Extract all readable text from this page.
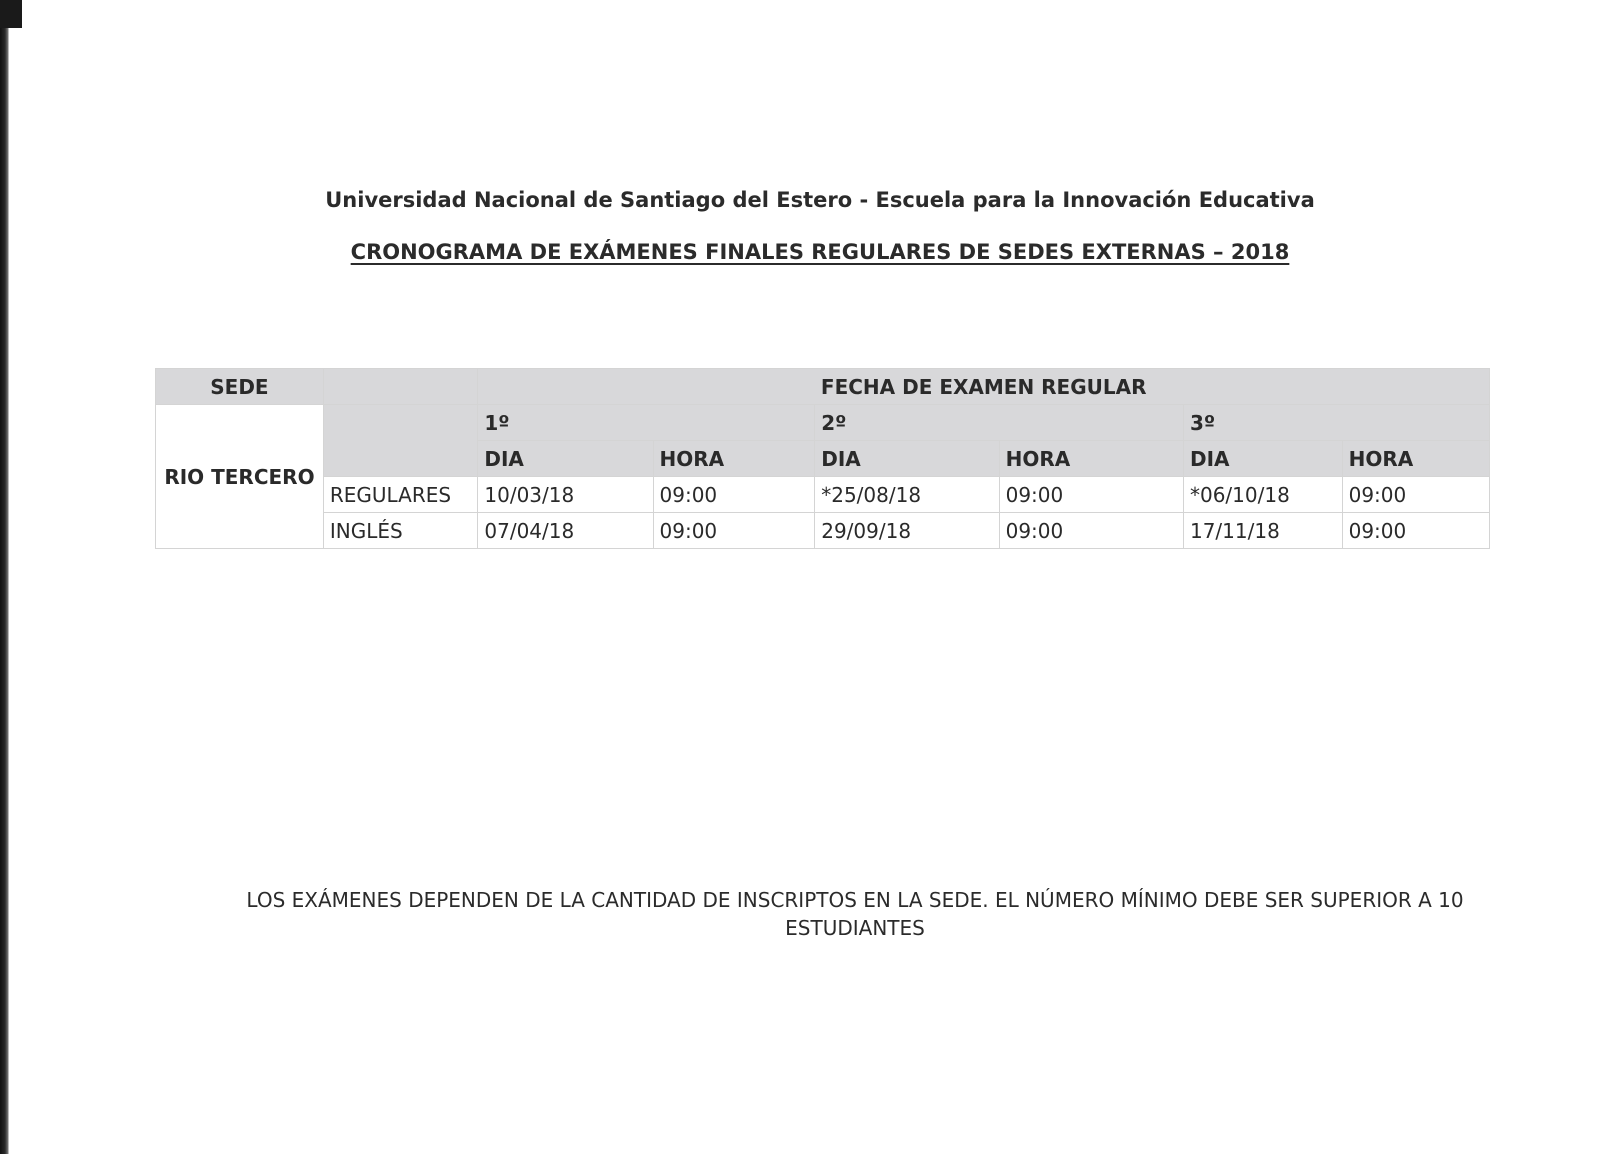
Universidad Nacional de Santiago del Estero - Escuela para la Innovación Educativa
CRONOGRAMA DE EXÁMENES FINALES REGULARES DE SEDES EXTERNAS – 2018
SEDE		FECHA DE EXAMEN REGULAR					
RIO TERCERO		1º		2º		3º	
		DIA	HORA	DIA	HORA	DIA	HORA
	REGULARES	10/03/18	09:00	*25/08/18	09:00	*06/10/18	09:00
	INGLÉS	07/04/18	09:00	29/09/18	09:00	17/11/18	09:00
LOS EXÁMENES DEPENDEN DE LA CANTIDAD DE INSCRIPTOS EN LA SEDE. EL NÚMERO MÍNIMO DEBE SER SUPERIOR A 10
ESTUDIANTES
